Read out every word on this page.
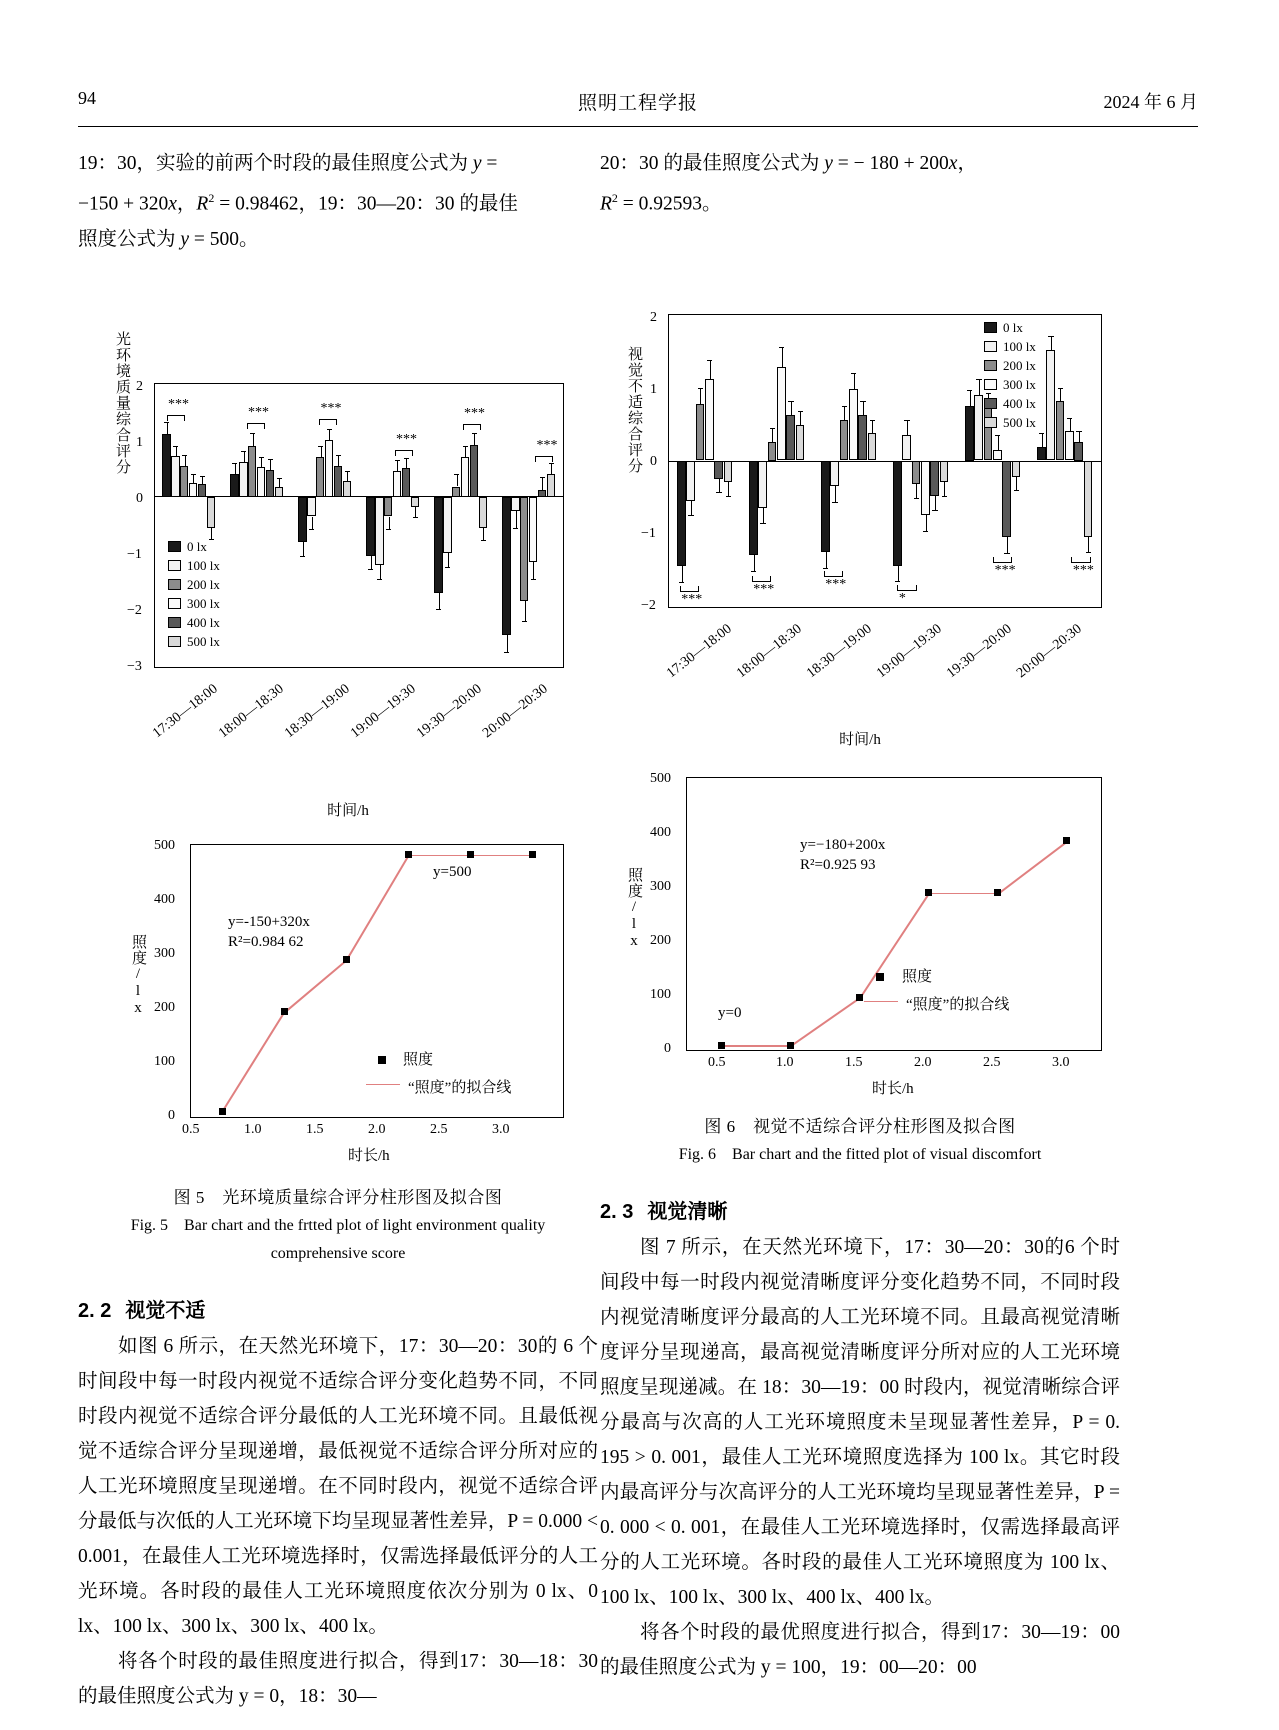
94	照明工程学报	2024 年 6 月

19：30，实验的前两个时段的最佳照度公式为 y =
−150 + 320x，$R^2 = 0.98462$，19：30—20：30 的最佳
照度公式为 y = 500。

光环境质量综合评分 2
1
0
−1
−2
−3
***
***	***
***
***
***
0 lx
100 lx
200 lx
300 lx
400 lx
500 lx
17:30—18:00
18:00—18:30
18:30—19:00
19:00—19:30
19:30—20:00
20:00—20:30
时间/h
照度/lx
500
400
300
200
100
0
y=-150+320x
R²=0.984 62
y=500
照度
“照度”的拟合线
0.5	1.0	1.5	2.0	2.5	3.0
时长/h
图 5　光环境质量综合评分柱形图及拟合图
Fig. 5　Bar chart and the frtted plot of light environment quality
comprehensive score
2. 2 视觉不适

如图 6 所示，在天然光环境下，17：30—20：30的 6 个时间段中每一时段内视觉不适综合评分变化趋势不同，不同时段内视觉不适综合评分最低的人工光环境不同。且最低视觉不适综合评分呈现递增，最低视觉不适综合评分所对应的人工光环境照度呈现递增。在不同时段内，视觉不适综合评分最低与次低的人工光环境下均呈现显著性差异，P = 0.000 < 0.001，在最佳人工光环境选择时，仅需选择最低评分的人工光环境。各时段的最佳人工光环境照度依次分别为 0 lx、0 lx、100 lx、300 lx、300 lx、400 lx。

将各个时段的最佳照度进行拟合，得到17：30—18：30 的最佳照度公式为 y = 0，18：30—

20：30 的最佳照度公式为 y = − 180 + 200x，
$R^2 = 0.92593$。

视觉不适综合评分
2
1
0
−1
−2 ***
***	***
*
***	***
0 lx
100 lx
200 lx
300 lx
400 lx
500 lx
17:30—18:00 18:00—18:30 18:30—19:00 19:00—19:30 19:30—20:00 20:00—20:30
时间/h
照度/lx
500
400
300
200
100
0
y=−180+200x
R²=0.925 93
y=0
照度
“照度”的拟合线
0.5	1.0	1.5	2.0	2.5	3.0
时长/h
图 6　视觉不适综合评分柱形图及拟合图
Fig. 6　Bar chart and the fitted plot of visual discomfort
2. 3 视觉清晰

图 7 所示，在天然光环境下，17：30—20：30的6 个时间段中每一时段内视觉清晰度评分变化趋势不同，不同时段内视觉清晰度评分最高的人工光环境不同。且最高视觉清晰度评分呈现递高，最高视觉清晰度评分所对应的人工光环境照度呈现递减。在 18：30—19：00 时段内，视觉清晰综合评分最高与次高的人工光环境照度未呈现显著性差异，P = 0. 195 > 0. 001，最佳人工光环境照度选择为 100 lx。其它时段内最高评分与次高评分的人工光环境均呈现显著性差异，P = 0. 000 < 0. 001，在最佳人工光环境选择时，仅需选择最高评分的人工光环境。各时段的最佳人工光环境照度为 100 lx、100 lx、100 lx、300 lx、400 lx、400 lx。

将各个时段的最优照度进行拟合，得到17：30—19：00 的最佳照度公式为 y = 100，19：00—20：00
